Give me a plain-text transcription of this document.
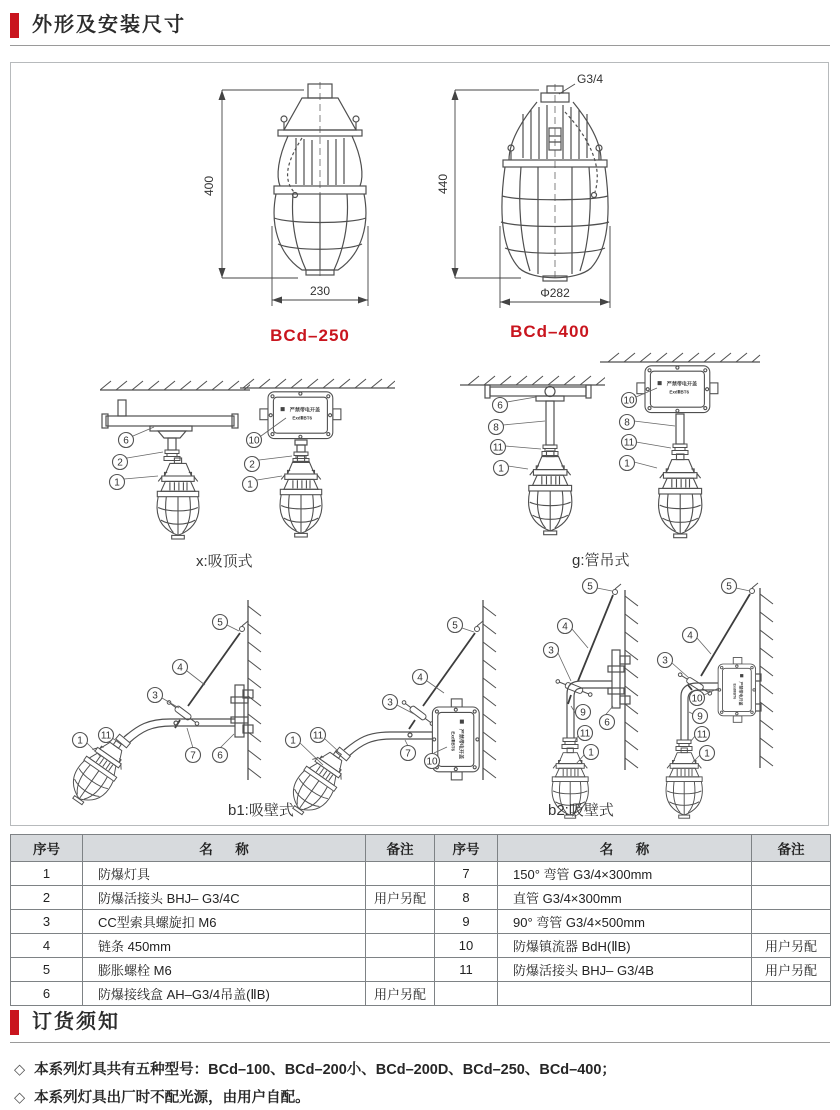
外形及安装尺寸
400
230
BCd–250
G3/4
440
Φ282
BCd–400
6
2
1
10
2
1
x:吸顶式
6
8
11
1
10
8
11
1
g:管吊式
5
4
3
1 11
7 6
b1:吸壁式
5
4
3
1 11
7
10
5
4
3
9
11
1
6
b2:吸壁式
5
4
3
10
9
11
1
序号	名      称	备注
1	防爆灯具	
2	防爆活接头 BHJ– G3/4C	用户另配
3	CC型索具螺旋扣 M6	
4	链条 450mm	
5	膨胀螺栓 M6	
6	防爆接线盒 AH–G3/4吊盖(ⅡB)	用户另配
序号	名      称	备注
7	150° 弯管 G3/4×300mm	
8	直管 G3/4×300mm	
9	90° 弯管 G3/4×500mm	
10	防爆镇流器 BdH(ⅡB)	用户另配
11	防爆活接头 BHJ– G3/4B	用户另配

订货须知
◇ 本系列灯具共有五种型号：BCd–100、BCd–200小、BCd–200D、BCd–250、BCd–400；
◇ 本系列灯具出厂时不配光源，由用户自配。
